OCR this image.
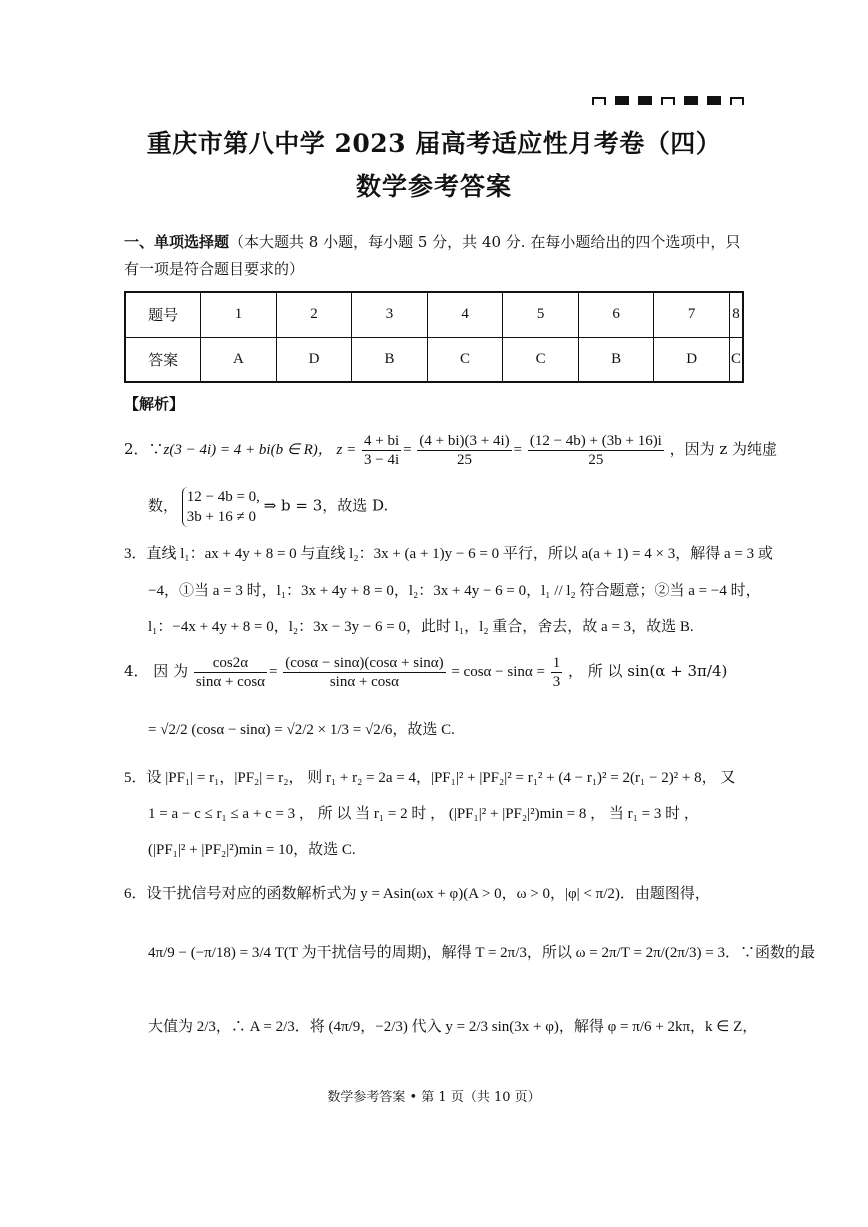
重庆市第八中学 2023 届高考适应性月考卷（四）
数学参考答案
一、单项选择题（本大题共 8 小题，每小题 5 分，共 40 分. 在每小题给出的四个选项中，只
有一项是符合题目要求的）
题号	1	2	3	4	5	6	7	8
答案	A	D	B	C	C	B	D	C
【解析】
2．∵z(3 − 4i) = 4 + bi(b ∈ R)， $z = \frac{4 + bi}{3 - 4i} = \frac{(4 + bi)(3 + 4i)}{25} = \frac{(12 - 4b) + (3b + 16)i}{25}$ ，因为 z 为纯虚
数， 12 − 4b = 0,
3b + 16 ≠ 0 ⇒ b = 3，故选 D.
3．直线 l₁：ax + 4y + 8 = 0 与直线 l₂：3x + (a + 1)y − 6 = 0 平行，所以 a(a + 1) = 4 × 3，解得 a = 3 或
−4，①当 a = 3 时，l₁：3x + 4y + 8 = 0，l₂：3x + 4y − 6 = 0，l₁ // l₂ 符合题意；②当 a = −4 时，
l₁：−4x + 4y + 8 = 0，l₂：3x − 3y − 6 = 0，此时 l₁，l₂ 重合，舍去，故 a = 3，故选 B.
4． 因 为 $\frac{\cos 2\alpha}{\sin\alpha + \cos\alpha} = \frac{(\cos\alpha - \sin\alpha)(\cos\alpha + \sin\alpha)}{\sin\alpha + \cos\alpha} = \cos\alpha - \sin\alpha = \frac{1}{3}$ ， 所 以 sin(α + 3π/4)
= √2/2 (cosα − sinα) = √2/2 × 1/3 = √2/6，故选 C.
5．设 |PF₁| = r₁，|PF₂| = r₂， 则 r₁ + r₂ = 2a = 4，|PF₁|² + |PF₂|² = r₁² + (4 − r₁)² = 2(r₁ − 2)² + 8， 又
1 = a − c ≤ r₁ ≤ a + c = 3 ， 所 以 当 r₁ = 2 时 ， (|PF₁|² + |PF₂|²)min = 8 ， 当 r₁ = 3 时 ，
(|PF₁|² + |PF₂|²)min = 10，故选 C.
6．设干扰信号对应的函数解析式为 y = Asin(ωx + φ)(A > 0，ω > 0，|φ| < π/2)．由题图得，
4π/9 − (−π/18) = 3/4 T(T 为干扰信号的周期)，解得 T = 2π/3，所以 ω = 2π/T = 2π/(2π/3) = 3．∵函数的最
大值为 2/3，∴ A = 2/3．将 (4π/9，−2/3) 代入 y = 2/3 sin(3x + φ)，解得 φ = π/6 + 2kπ，k ∈ Z，
数学参考答案 • 第 1 页（共 10 页）
